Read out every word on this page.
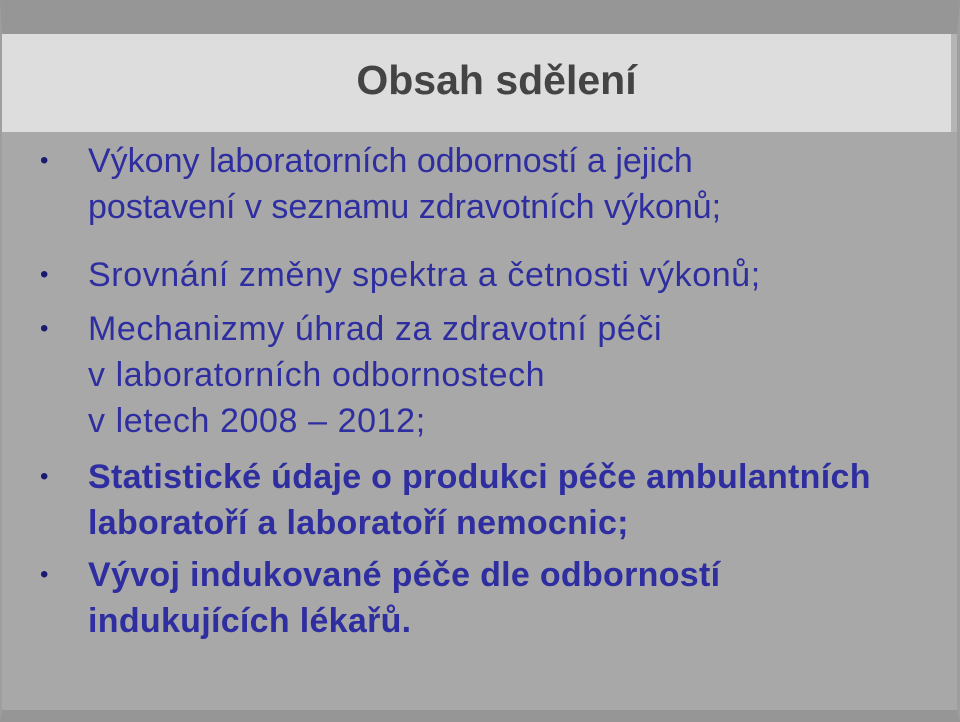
Obsah sdělení
• Výkony laboratorních odborností a jejich
postavení v seznamu zdravotních výkonů;
• Srovnání změny spektra a četnosti výkonů;
• Mechanizmy úhrad za zdravotní péči
v laboratorních odbornostech
v letech 2008 – 2012;
• Statistické údaje o produkci péče ambulantních
laboratoří a laboratoří nemocnic;
• Vývoj indukované péče dle odborností
indukujících lékařů.
